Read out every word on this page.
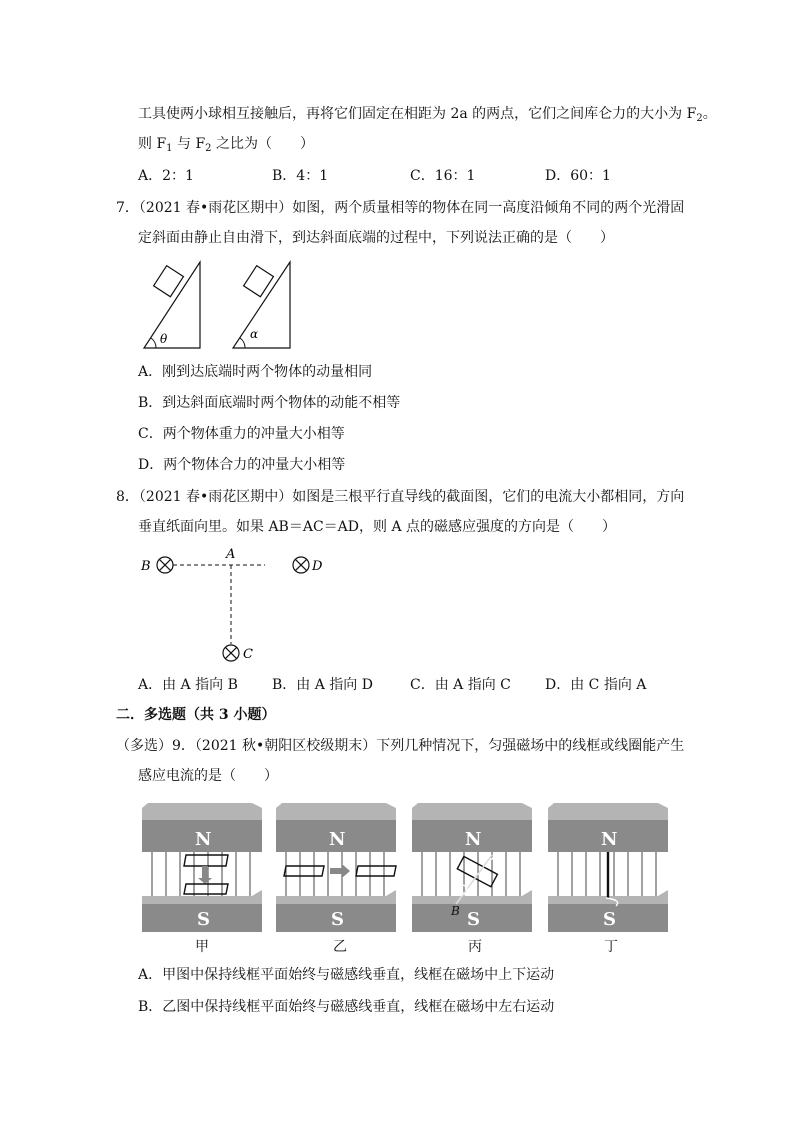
工具使两小球相互接触后，再将它们固定在相距为 2a 的两点，它们之间库仑力的大小为 $F_2$。
则 $F_1$ 与 $F_2$ 之比为（　　）
A．2：1	B．4：1	C．16：1	D．60：1
7．（2021 春•雨花区期中）如图，两个质量相等的物体在同一高度沿倾角不同的两个光滑固
定斜面由静止自由滑下，到达斜面底端的过程中，下列说法正确的是（　　）
θ	α
A．刚到达底端时两个物体的动量相同
B．到达斜面底端时两个物体的动能不相等
C．两个物体重力的冲量大小相等
D．两个物体合力的冲量大小相等
8．（2021 春•雨花区期中）如图是三根平行直导线的截面图，它们的电流大小都相同，方向
垂直纸面向里。如果 AB＝AC＝AD，则 A 点的磁感应强度的方向是（　　）
B
A
C
D
A．由 A 指向 B B．由 A 指向 D	C．由 A 指向 C D．由 C 指向 A
二．多选题（共 3 小题）
（多选）9．（2021 秋•朝阳区校级期末）下列几种情况下，匀强磁场中的线框或线圈能产生
感应电流的是（　　）
N
S
N
S
A
B
N
S
N
S
甲	乙	丙	丁
A．甲图中保持线框平面始终与磁感线垂直，线框在磁场中上下运动
B．乙图中保持线框平面始终与磁感线垂直，线框在磁场中左右运动
